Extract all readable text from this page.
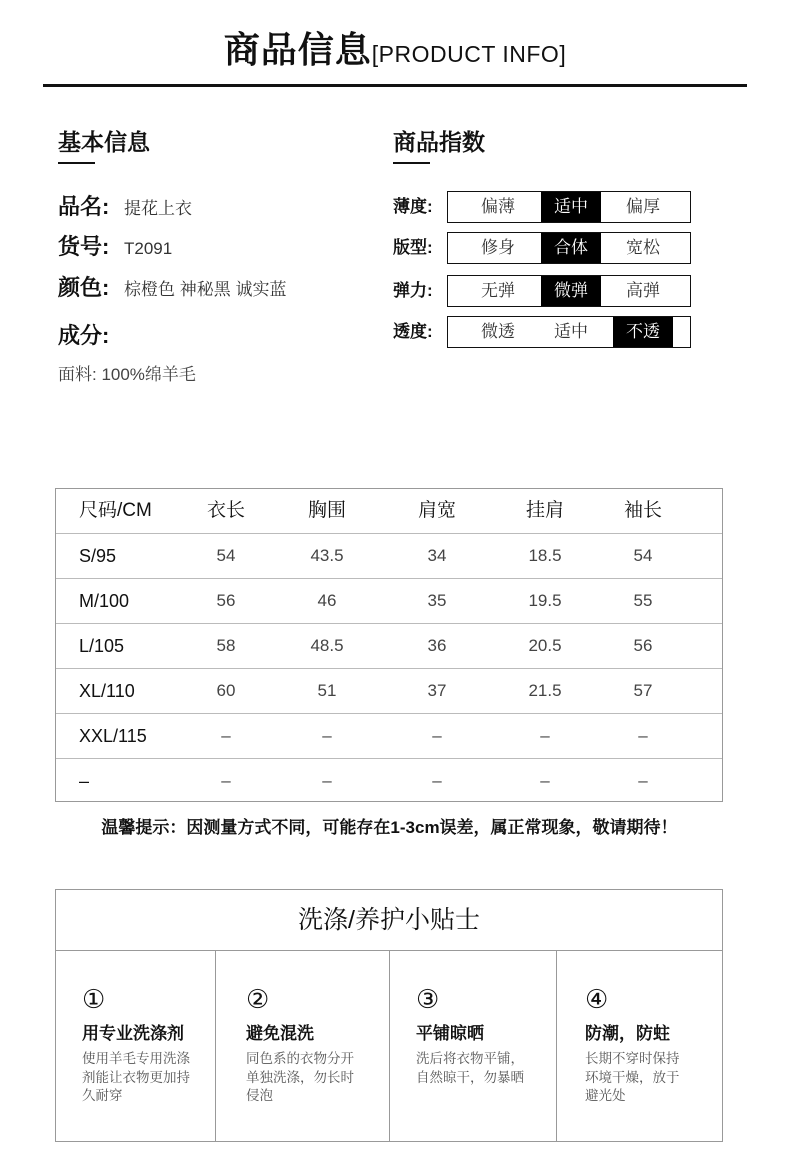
商品信息[PRODUCT INFO]
基本信息
品名: 提花上衣
货号: T2091
颜色: 棕橙色 神秘黑 诚实蓝
成分:
面料: 100%绵羊毛
商品指数
薄度:	偏薄	适中	偏厚
版型:	修身	合体	宽松
弹力:	无弹	微弹	高弹
透度:	微透	适中	不透
尺码/CM	衣长	胸围	肩宽	挂肩	袖长
S/95	54	43.5	34	18.5	54
M/100	56	46	35	19.5	55
L/105	58	48.5	36	20.5	56
XL/110	60	51	37	21.5	57
XXL/115	–	–	–	–	–
–	–	–	–	–	–
温馨提示：因测量方式不同，可能存在1-3cm误差，属正常现象，敬请期待！
洗涤/养护小贴士
①
用专业洗涤剂
使用羊毛专用洗涤
剂能让衣物更加持
久耐穿
②
避免混洗
同色系的衣物分开
单独洗涤，勿长时
侵泡
③
平铺晾晒
洗后将衣物平铺，
自然晾干，勿暴晒
④
防潮，防蛀
长期不穿时保持
环境干燥，放于
避光处
